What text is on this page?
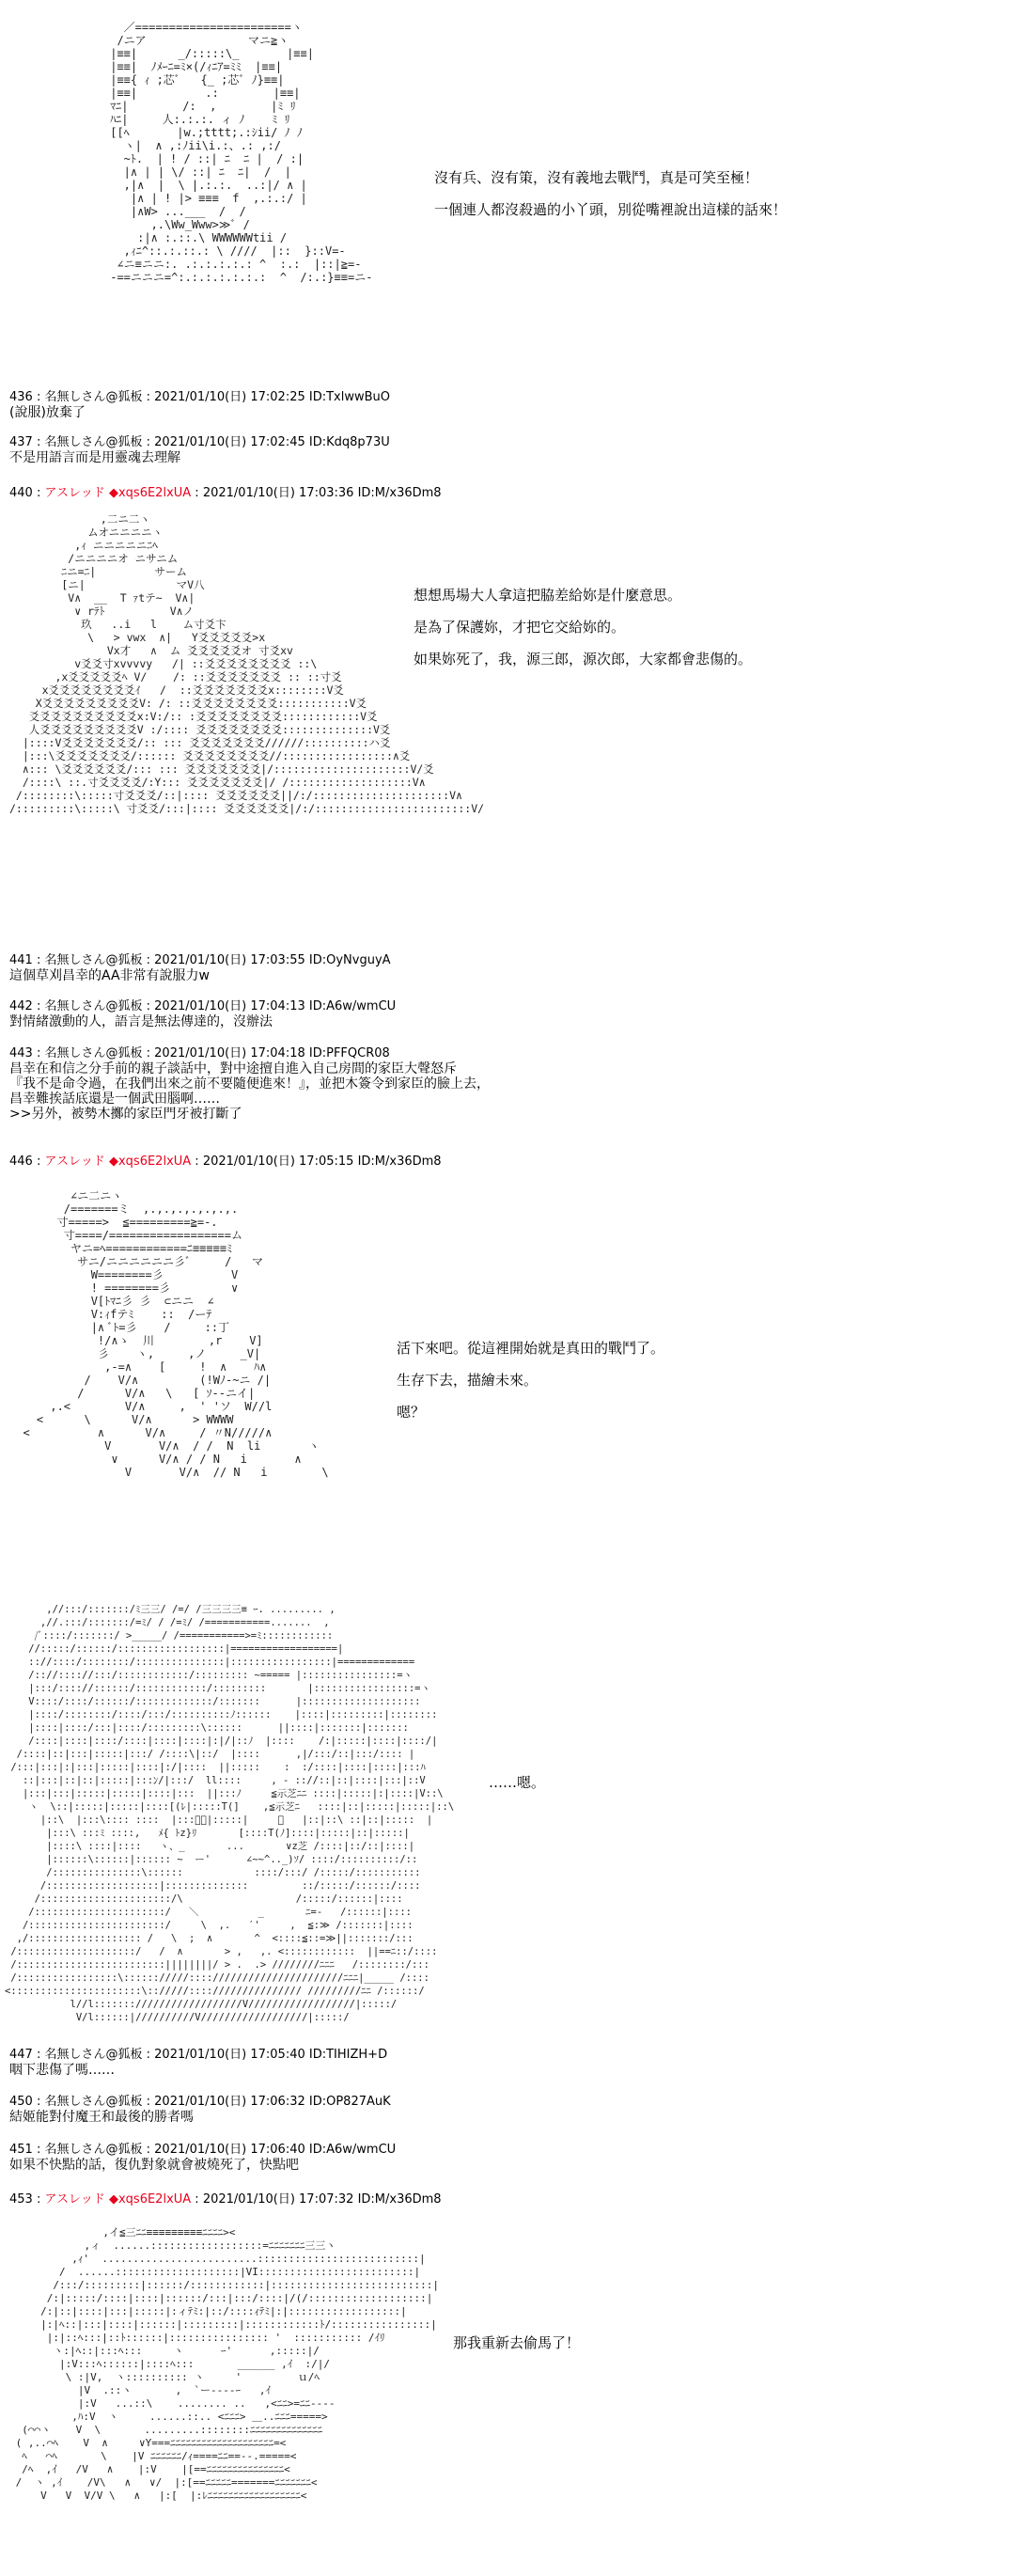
／=======================ヽ
/ニア               マニ≧ヽ
|≡≡|      _/:::::\_       |≡≡|
|≡≡|  ﾉﾒｰﾆ=ﾐ×(/ｨﾆｱ=ﾐﾐ  |≡≡|
|≡≡{ ｨ ;芯ﾞ   {_ ;芯ﾞ ﾉ}≡≡|
|≡≡|          .:        |≡≡|
ﾏﾆ|        /:  ,        |ﾐ ﾘ
ﾊﾆ|     人:.:.:. ィ ﾉ    ﾐ ﾘ
[[ﾍ       |w.;tttt;.:ｼii/ ﾉ ﾉ
ヽ|  ∧ ,:ﾉii\i.:、.: ,:/
~ﾄ.  | ! / ::| ﾆ  ﾆ |  / :|
|∧ | | \/ ::| ﾆ  ﾆ|  /  |
,|∧  |  \ |.:.:.  ..:|/ ∧ |
|∧ | ! |> ≡≡≡  f  ,.:.:/ |
|∧W> ...___  /  /
,.\Ww_Www>≫ﾞ /
:|∧ :.::.\ WWWWWWtii /
,ｨﾆ^::.:.::.: \ ////  |::  }::V=-
∠ニ≡ニニ:. .:.:.:.:.: ^  :.:  |::|≧=-
-==ニニニ=^:.:.:.:.:.:.:  ^  /:.:}≡≡=ニ-
沒有兵、沒有策，沒有義地去戰鬥，真是可笑至極！
一個連人都沒殺過的小丫頭，別從嘴裡說出這樣的話來！
436 : 名無しさん@狐板 : 2021/01/10(日) 17:02:25 ID:TxlwwBuO
(說服)放棄了
437 : 名無しさん@狐板 : 2021/01/10(日) 17:02:45 ID:Kdq8p73U
不是用語言而是用靈魂去理解
440 : アスレッド ◆xqs6E2lxUA : 2021/01/10(日) 17:03:36 ID:M/x36Dm8
,二ニ二ヽ
ムオニニニニヽ
,ｨ ニニニニニﾆﾍ
/ニニニニオ ニサニム
ﾆニ=ﾆ|         サーム
[ニ|              マV八
V∧  __  T ｧtテ~  V∧|
∨ rﾃﾄ          V∧ノ
玖   ..i   l    ム寸爻卞
\   > vwx  ∧|   Y爻爻爻爻爻>x
Vx才   ∧  ム 爻爻爻爻爻オ 寸爻xv
v爻爻寸xvvvvy   /| ::爻爻爻爻爻爻爻爻 ::\
,x爻爻爻爻爻ﾍ V/    /: ::爻爻爻爻爻爻爻 :: ::寸爻
x爻爻爻爻爻爻爻爻ｲ   /  ::爻爻爻爻爻爻爻x::::::::V爻
X爻爻爻爻爻爻爻爻爻V: /: ::爻爻爻爻爻爻爻爻:::::::::::V爻
爻爻爻爻爻爻爻爻爻爻x:V:/:: :爻爻爻爻爻爻爻爻::::::::::::V爻
人爻爻爻爻爻爻爻爻爻V :/:::: 爻爻爻爻爻爻爻爻::::::::::::::V爻
|::::V爻爻爻爻爻爻爻/:: ::: 爻爻爻爻爻爻爻//////::::::::::ハ爻
|:::\爻爻爻爻爻爻爻/:::::: 爻爻爻爻爻爻爻爻//:::::::::::::::::∧爻
∧::: \爻爻爻爻爻爻/::: ::: 爻爻爻爻爻爻爻|/:::::::::::::::::::::V/爻
/::::\ ::.寸爻爻爻爻/:Y::: 爻爻爻爻爻爻爻|/ /:::::::::::::::::::V∧
/::::::::\:::::寸爻爻爻/::|:::: 爻爻爻爻爻爻||/:/:::::::::::::::::::::V∧
/:::::::::\:::::\ 寸爻爻/:::|:::: 爻爻爻爻爻爻|/:/::::::::::::::::::::::::V/
想想馬場大人拿這把脇差給妳是什麼意思。
是為了保護妳，才把它交給妳的。
如果妳死了，我，源三郎，源次郎，大家都會悲傷的。
441 : 名無しさん@狐板 : 2021/01/10(日) 17:03:55 ID:OyNvguyA
這個草刈昌幸的AA非常有說服力w
442 : 名無しさん@狐板 : 2021/01/10(日) 17:04:13 ID:A6w/wmCU
對情緒激動的人，語言是無法傳達的，沒辦法
443 : 名無しさん@狐板 : 2021/01/10(日) 17:04:18 ID:PFFQCR08
昌幸在和信之分手前的親子談話中，對中途擅自進入自己房間的家臣大聲怒斥
『我不是命令過，在我們出來之前不要隨便進來！』，並把木簽令到家臣的臉上去，
昌幸難挨話底還是一個武田腦啊……
>>另外，被勢木擲的家臣門牙被打斷了
446 : アスレッド ◆xqs6E2lxUA : 2021/01/10(日) 17:05:15 ID:M/x36Dm8
∠ニ二ニヽ
/=======ミ  ,.,.,.,.,.,.,.
寸=====>  ≦=========≧=-.
寸====/==================ム
ヤニ=ﾍ============ﾆ≡≡≡≡≡ﾐ
サニ/ニニニニニニ彡ﾞ     /   マ
W========彡          V
! ========彡         ∨
V[ﾄﾏﾆ彡 彡  ⊂ニニ  ∠
V:ｨfテﾐ    ::  /ーﾃ
|∧ ﾞﾄ=彡    /     ::丁
!/∧ゝ  川        ,r    V]
彡    ヽ,     ,ノ     _V|
,-=∧    [     !  ∧    ﾊ∧
/    V/∧         (!Wﾉ-~ニ /|
/      V/∧   \   [ ｿ--ニイ|
,.<        V/∧     ,  ' 'ソ  W//l
<      \      V/∧      > WWWW
<          ∧      V/∧     / 〃N/////∧
V       V/∧  / /  N  li       ヽ
∨      V/∧ / / N   i       ∧
V       V/∧  // N   i        \
活下來吧。從這裡開始就是真田的戰鬥了。
生存下去，描繪未來。
嗯？
,//:::/:::::::/ﾐ三三/ /=/ /三三三三≡ ｰ. ......... ,
,//.:::/:::::::/=ﾐ/ / /=ﾐ/ /===========.......  ,
/ﾞ::::/:::::::/ >_____/ /===========>=ﾐ::::::::::::
//:::::/::::::/::::::::::::::::::|==================|
:://::::/::::::::/:::::::::::::::|:::::::::::::::::|=============
/:://:::://:::/::::::::::::/::::::::: ~===== |::::::::::::::::=ヽ
|:::/:::://::::::/::::::::::::/:::::::::       |:::::::::::::::::=ヽ
V::::/::::/::::::/:::::::::::::/:::::::      |::::::::::::::::::::
|::::/::::::::/::::/:::/::::::::::ﾉ::::::    |::::|:::::::::|::::::::
|::::|::::/:::|::::/:::::::::\::::::      ||::::|:::::::|:::::::
/::::|::::|::::/::::|::::|::::|:|/|::ﾉ  |::::    /:|:::::|::::|::::/|
/::::|::|:::|:::::|:::/ /::::\|::/  |::::      ,|/:::/::|:::/:::: |
/:::|:::|:|:::|:::::|::::|:/|::::  ||:::::    :  :/::::|::::|::::|:::ﾊ
::|:::|::|::|:::::|:::ﾝ/|:::/  ll::::     , - :://::|::|::::|:::|::V
|:::|:::|:::::|:::::|::::|:::  ||:::ﾉ     ≦示芝ﾆﾆ ::::|:::::|:|::::|V::\
ヽ  \::|:::::|:::::|::::[(ﾚ|:::::T(]    ,≦示芝ﾆ   ::::|::|:::::|:::::|::\
|::\  |:::\:::: ::::  |:::ﾟﾞ|:::::|     ＾   |::|::\ ::|::|:::::  |
|:::\ :::ﾐ ::::,   ﾒ{ ﾄz}ﾘ       [::::T(ﾉ]::::|:::::|::|:::::|
|::::\ ::::|::::   ヽ、_       ...       ∨z芝 /::::|::/::|::::|
|::::::\::::::|:::::: ~  ー'      ∠~~^.._)ｿ/ ::::/::::::::::/::
/:::::::::::::::\::::::            ::::/:::/ /:::::/:::::::::::
/:::::::::::::::::::|::::::::::::::         ::/:::::/::::::/::::
/::::::::::::::::::::::/\                   /:::::/::::::|::::
/::::::::::::::::::::::/   ＼          _       ﾆ=-   /::::::|::::
/:::::::::::::::::::::::/     \  ,.   ′'     ,  ≦:≫ /:::::::|::::
,/::::::::::::::::::: /   \  ;  ∧       ^  <::::≦::=≫||:::::::/:::
/::::::::::::::::::::/   /  ∧       > ,   ,. <::::::::::::  ||==ﾆ::/::::
/:::::::::::::::::::::::::||||||||/ > .  .> ////////ﾆﾆﾆ   /::::::::/:::
/:::::::::::::::::\:::::://///:::://////////////////////ﾆﾆﾆ|_____ /::::
<::::::::::::::::::::::\:://///:::://///////////// /////////ﾆﾆ /::::::/
l//l::::::://////////////////V//////////////////|:::::/
V/l::::::|//////////V//////////////////|:::::/
……嗯。
447 : 名無しさん@狐板 : 2021/01/10(日) 17:05:40 ID:TIHIZH+D
咽下悲傷了嗎……
450 : 名無しさん@狐板 : 2021/01/10(日) 17:06:32 ID:OP827AuK
結姬能對付魔王和最後的勝者嗎
451 : 名無しさん@狐板 : 2021/01/10(日) 17:06:40 ID:A6w/wmCU
如果不快點的話，復仇對象就會被燒死了，快點吧
453 : アスレッド ◆xqs6E2lxUA : 2021/01/10(日) 17:07:32 ID:M/x36Dm8
,イ≦三ﾆﾆ≡≡≡≡≡≡≡≡≡ﾆﾆﾆﾆ><
,ィ  ......::::::::::::::::::=ﾆﾆﾆﾆﾆﾆﾆ三三ヽ
,ｨ'  .........................::::::::::::::::::::::::::|
/  ......::::::::::::::::::::|VI:::::::::::::::::::::::::|
/:::/:::::::::|::::::/::::::::::::|::::::::::::::::::::::::::|
/:|:::::/::::|::::|::::::/:::|:::/::::|/(/:::::::::::::::::::|
/:|::|::::|:::|:::::|:ィﾃﾐ:|::/::::ｨﾃﾐ|:|::::::::::::::::::|
|:|ﾍ::|:::|::::|::::::|:::::::::|::::::::::::ﾄ/::::::::::::::::|
|:|::ﾍ:::|::ﾄ::::::|:::::::::::::::: '  ::::::::::: /ｲﾘ
ヽ:|ﾍ::|:::ﾍ:::     ヽ      ｰ'      ,:::::|/
|:V:::ﾍ::::::|::::ﾍ:::       ______ ,ｲ  :/|/
\ :|V,  ヽ:::::::::: ヽ     '         ｕ/ﾍ
|V  .::ヽ       ,  `ー‐---ｰ   ,ｲ
|:V   ...::\    ........ ..   ,<ﾆﾆ>=ﾆﾆ----
,ﾊ:V  ヽ     ......::.. <ﾆﾆﾆ> ＿..ﾆﾆﾆ=====>
(⌒⌒ヽ    V  \       .........::::::::ﾆﾆﾆﾆﾆﾆﾆﾆﾆﾆﾆﾆﾆﾆ
( ,..⌒ﾍ    V  ∧     ∨Y===ﾆﾆﾆﾆﾆﾆﾆﾆﾆﾆﾆﾆﾆﾆﾆﾆﾆﾆﾆﾆ=<
ﾍ   ⌒ﾍ       \    |V ﾆﾆﾆﾆﾆﾆ/ｨ====ﾆﾆ==--.=====<
/ﾍ  ,ｲ   /V   ∧    |:V    |[==ﾆﾆﾆﾆﾆﾆﾆﾆﾆﾆﾆﾆﾆﾆﾆ<
/  ヽ ,ｲ    /V\   ∧   ∨/  |:[==ﾆﾆﾆﾆﾆ=======ﾆﾆﾆﾆﾆﾆﾆ<
V   V  V/V \   ∧   |:[  |:ﾚﾆﾆﾆﾆﾆﾆﾆﾆﾆﾆﾆﾆﾆﾆﾆﾆﾆﾆ<
那我重新去偷馬了！
